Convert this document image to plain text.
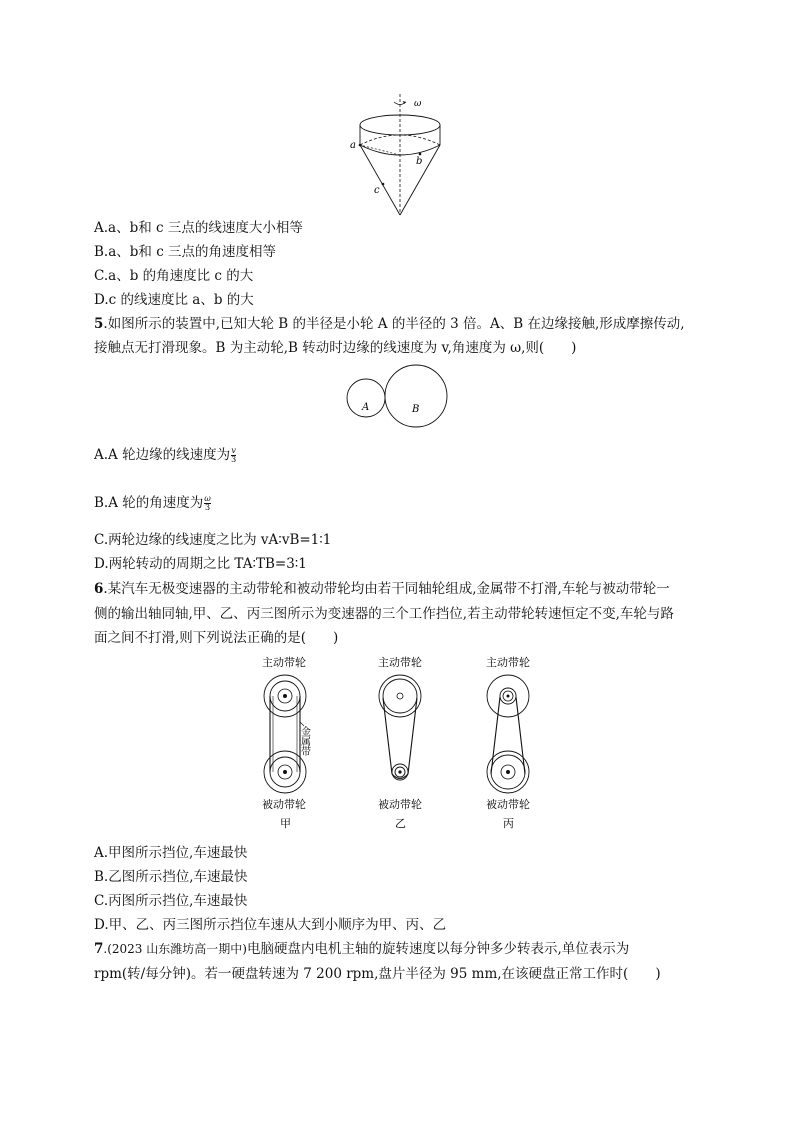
ω
a
b
c
A.a、b和 c 三点的线速度大小相等
B.a、b和 c 三点的角速度相等
C.a、b 的角速度比 c 的大
D.c 的线速度比 a、b 的大
5.如图所示的装置中,已知大轮 B 的半径是小轮 A 的半径的 3 倍。A、B 在边缘接触,形成摩擦传动,
接触点无打滑现象。B 为主动轮,B 转动时边缘的线速度为 v,角速度为 ω,则(　　)
A	B
A.A 轮边缘的线速度为 $\frac{v}{3}$
B.A 轮的角速度为 $\frac{\omega}{3}$
C.两轮边缘的线速度之比为 vA∶vB=1∶1
D.两轮转动的周期之比 TA∶TB=3∶1
6.某汽车无极变速器的主动带轮和被动带轮均由若干同轴轮组成,金属带不打滑,车轮与被动带轮一
侧的输出轴同轴,甲、乙、丙三图所示为变速器的三个工作挡位,若主动带轮转速恒定不变,车轮与路
面之间不打滑,则下列说法正确的是(　　)
主动带轮
金属带
被动带轮
甲
主动带轮
被动带轮
乙
主动带轮
被动带轮
丙
A.甲图所示挡位,车速最快
B.乙图所示挡位,车速最快
C.丙图所示挡位,车速最快
D.甲、乙、丙三图所示挡位车速从大到小顺序为甲、丙、乙
7.(2023 山东潍坊高一期中)电脑硬盘内电机主轴的旋转速度以每分钟多少转表示,单位表示为
rpm(转/每分钟)。若一硬盘转速为 7 200 rpm,盘片半径为 95 mm,在该硬盘正常工作时(　　)
